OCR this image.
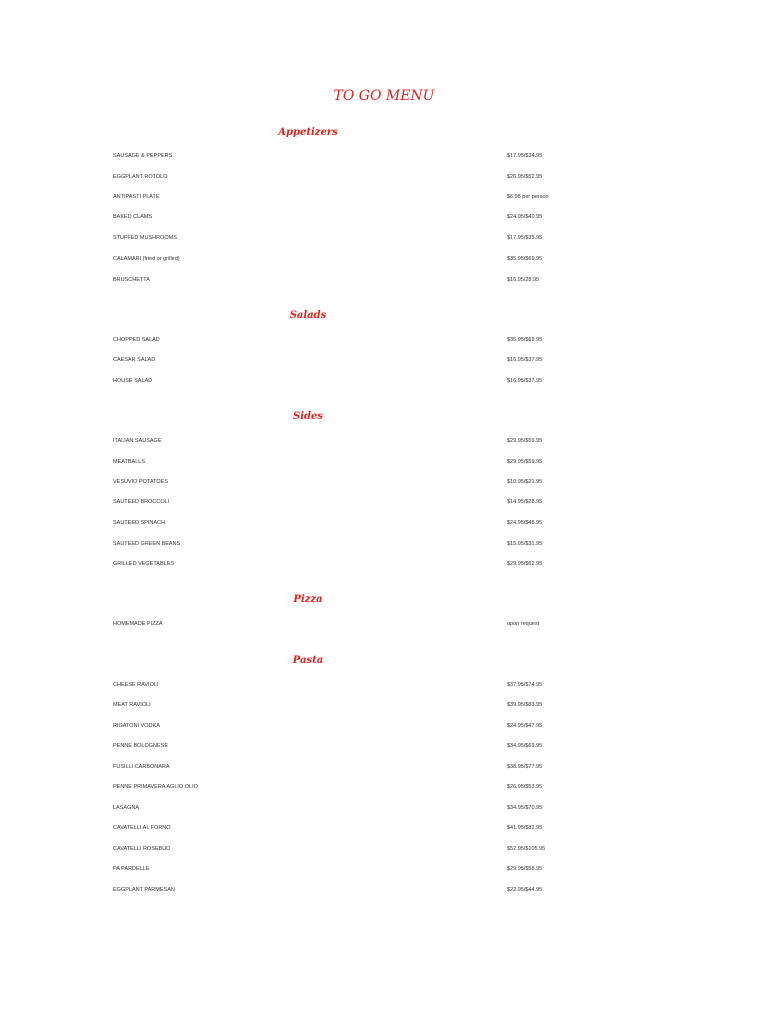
TO GO MENU
Appetizers
SAUSAGE & PEPPERS	$17.95/$34.95
EGGPLANT ROTOLO	$26.95/$52.95
ANTIPASTI PLATE	$6.95 per person
BAKED CLAMS	$24.95/$40.95
STUFFED MUSHROOMS	$17.95/$35.95
CALAMARI (fried or grilled)	$35.95/$69.95
BRUSCHETTA	$16.95/28.95
Salads
CHOPPED SALAD	$35.95/$69.95
CAESAR SALAD	$16.95/$37.95
HOUSE SALAD	$16.95/$37.95
Sides
ITALIAN SAUSAGE	$29.95/$59.95
MEATBALLS	$29.95/$59.95
VESUVIO POTATOES	$10.95/$21.95
SAUTEED BROCCOLI	$14.95/$28.95
SAUTEED SPINACH	$24.95/$48.95
SAUTEED GREEN BEANS	$15.95/$31.95
GRILLED VEGETABLES	$29.95/$62.95
Pizza
HOMEMADE PIZZA	upon request
Pasta
CHEESE RAVIOLI	$37.95/$74.95
MEAT RAVIOLI	$39.95/$83.95
RIGATONI VODKA	$24.95/$47.95
PENNE BOLOGNESE	$34.95/$69.95
FUSILLI CARBONARA	$38.95/$77.95
PENNE PRIMAVERA AGLIO OLIO	$26.95/$53.95
LASAGNA	$34.95/$70.95
CAVATELLI AL FORNO	$41.95/$82.95
CAVATELLI ROSEBUD	$52.95/$105.95
PA PARDELLE	$29.95/$58.95
EGGPLANT PARMESAN	$22.95/$44.95
